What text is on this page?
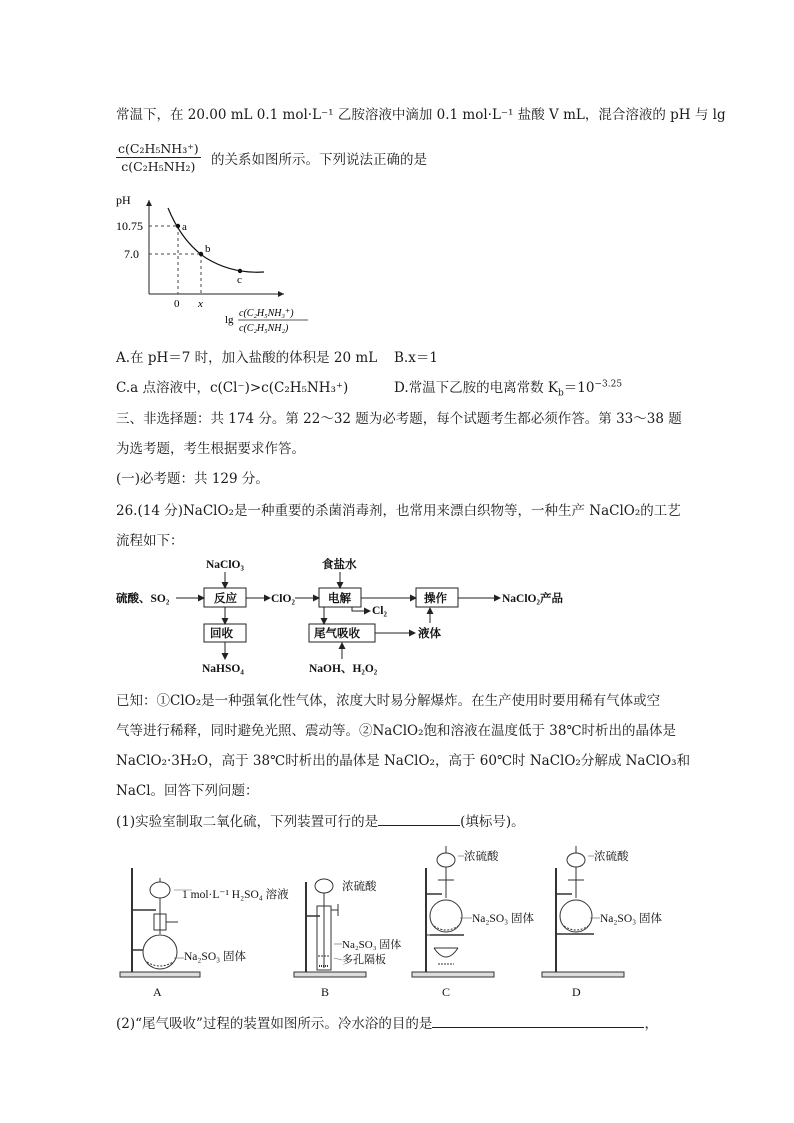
常温下，在 20.00 mL 0.1 mol·L⁻¹ 乙胺溶液中滴加 0.1 mol·L⁻¹ 盐酸 V mL，混合溶液的 pH 与 lg
c(C₂H₅NH₃⁺)
c(C₂H₅NH₂)	的关系如图所示。下列说法正确的是
pH
10.75
7.0
a
b
c
0 x
lg
c(C₂H₅NH₃⁺)
c(C₂H₅NH₂)
A.在 pH＝7 时，加入盐酸的体积是 20 mL B.x＝1
C.a 点溶液中，c(Cl⁻)>c(C₂H₅NH₃⁺)	D.常温下乙胺的电离常数 $K_b=10^{-3.25}$
三、非选择题：共 174 分。第 22～32 题为必考题，每个试题考生都必须作答。第 33～38 题
为选考题，考生根据要求作答。
(一)必考题：共 129 分。
26.(14 分)NaClO₂是一种重要的杀菌消毒剂，也常用来漂白织物等，一种生产 NaClO₂的工艺
流程如下：
硫酸、SO₂
NaClO₃
反应	ClO₂
食盐水
电解
Cl₂
操作	NaClO₂产品
回收
NaHSO₄
尾气吸收
NaOH、H₂O₂
液体
已知：①ClO₂是一种强氧化性气体，浓度大时易分解爆炸。在生产使用时要用稀有气体或空
气等进行稀释，同时避免光照、震动等。②NaClO₂饱和溶液在温度低于 38℃时析出的晶体是
NaClO₂·3H₂O，高于 38℃时析出的晶体是 NaClO₂，高于 60℃时 NaClO₂分解成 NaClO₃和
NaCl。回答下列问题：
(1)实验室制取二氧化硫，下列装置可行的是	(填标号)。
1 mol·L⁻¹ H₂SO₄ 溶液
Na₂SO₃ 固体
A
浓硫酸
Na₂SO₃ 固体
多孔隔板
B
浓硫酸
Na₂SO₃ 固体
C
浓硫酸
Na₂SO₃ 固体
D
(2)“尾气吸收”过程的装置如图所示。冷水浴的目的是	，
